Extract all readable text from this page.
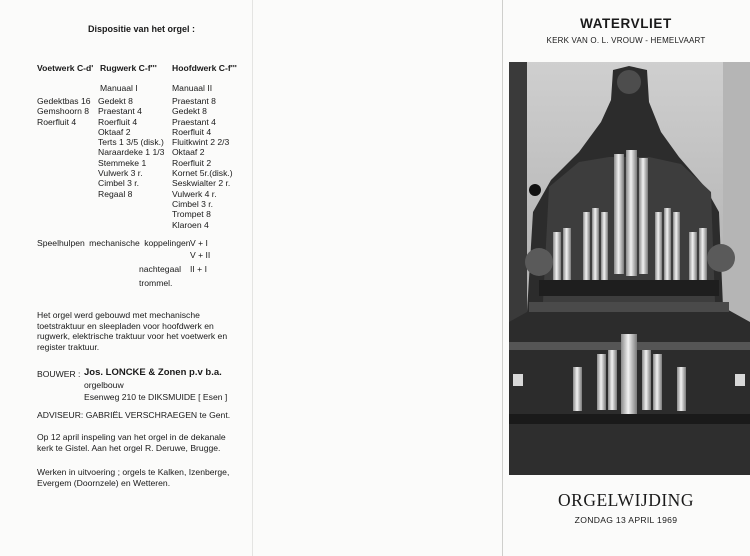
Dispositie van het orgel :
Voetwerk C-d' Rugwerk C-f''' Hoofdwerk C-f'''
Manuaal I	Manuaal II
Gedektbas 16
Gemshoorn 8
Roerfluit 4
Gedekt 8
Praestant 4
Roerfluit 4
Oktaaf 2
Terts 1 3/5 (disk.)
Naraardeke 1 1/3
Stemmeke 1
Vulwerk 3 r.
Cimbel 3 r.
Regaal 8
Praestant 8
Gedekt 8
Praestant 4
Roerfluit 4
Fluitkwint 2 2/3
Oktaaf 2
Roerfluit 2
Kornet 5r.(disk.)
Seskwialter 2 r.
Vulwerk 4 r.
Cimbel 3 r.
Trompet 8
Klaroen 4
Speelhulpen mechanische koppelingen V + I
V + II
nachtegaal II + I
trommel.
Het orgel werd gebouwd met mechanische toetstraktuur en sleepladen voor hoofdwerk en rugwerk, elektrische traktuur voor het voetwerk en register traktuur.
BOUWER : Jos. LONCKE & Zonen p.v b.a.
orgelbouw
Esenweg 210 te DIKSMUIDE [ Esen ]
ADVISEUR: GABRIËL VERSCHRAEGEN te Gent.
Op 12 april inspeling van het orgel in de dekanale kerk te Gistel. Aan het orgel R. Deruwe, Brugge.
Werken in uitvoering ; orgels te Kalken, Izenberge, Evergem (Doornzele) en Wetteren.
WATERVLIET
KERK VAN O. L. VROUW - HEMELVAART
ORGELWIJDING
ZONDAG 13 APRIL 1969
